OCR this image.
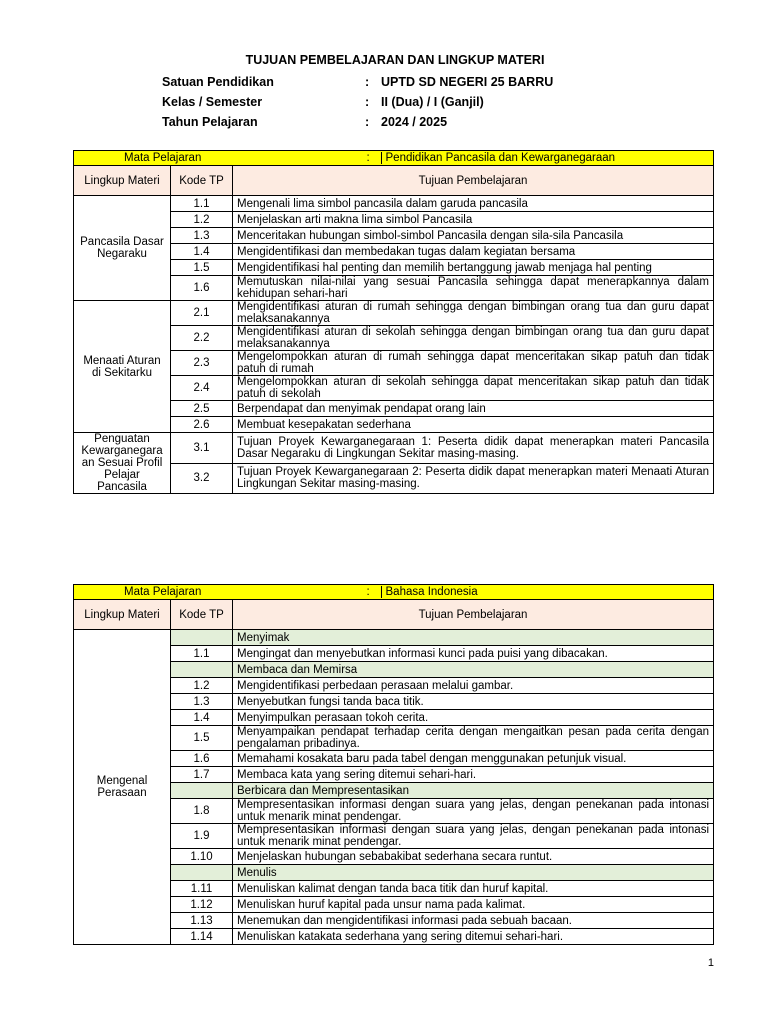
TUJUAN PEMBELAJARAN DAN LINGKUP MATERI
Satuan Pendidikan	: UPTD SD NEGERI 25 BARRU
Kelas / Semester	: II (Dua) / I (Ganjil)
Tahun Pelajaran	: 2024 / 2025
Mata Pelajaran		: Pendidikan Pancasila dan Kewarganegaraan
Lingkup Materi	Kode TP	Tujuan Pembelajaran
Pancasila Dasar Negaraku	1.1	Mengenali lima simbol pancasila dalam garuda pancasila
	1.2	Menjelaskan arti makna lima simbol Pancasila
	1.3	Menceritakan hubungan simbol-simbol Pancasila dengan sila-sila Pancasila
	1.4	Mengidentifikasi dan membedakan tugas dalam kegiatan bersama
	1.5	Mengidentifikasi hal penting dan memilih bertanggung jawab menjaga hal penting
	1.6	Memutuskan nilai-nilai yang sesuai Pancasila sehingga dapat menerapkannya dalam kehidupan sehari-hari
Menaati Aturan di Sekitarku	2.1	Mengidentifikasi aturan di rumah sehingga dengan bimbingan orang tua dan guru dapat melaksanakannya
	2.2	Mengidentifikasi aturan di sekolah sehingga dengan bimbingan orang tua dan guru dapat melaksanakannya
	2.3	Mengelompokkan aturan di rumah sehingga dapat menceritakan sikap patuh dan tidak patuh di rumah
	2.4	Mengelompokkan aturan di sekolah sehingga dapat menceritakan sikap patuh dan tidak patuh di sekolah
	2.5	Berpendapat dan menyimak pendapat orang lain
	2.6	Membuat kesepakatan sederhana
Penguatan Kewarganegara an Sesuai Profil Pelajar Pancasila	3.1	Tujuan Proyek Kewarganegaraan 1: Peserta didik dapat menerapkan materi Pancasila Dasar Negaraku di Lingkungan Sekitar masing-masing.
	3.2	Tujuan Proyek Kewarganegaraan 2: Peserta didik dapat menerapkan materi Menaati Aturan Lingkungan Sekitar masing-masing.
Mata Pelajaran		: Bahasa Indonesia
Lingkup Materi	Kode TP	Tujuan Pembelajaran
Mengenal Perasaan		Menyimak
	1.1	Mengingat dan menyebutkan informasi kunci pada puisi yang dibacakan.
		Membaca dan Memirsa
	1.2	Mengidentifikasi perbedaan perasaan melalui gambar.
	1.3	Menyebutkan fungsi tanda baca titik.
	1.4	Menyimpulkan perasaan tokoh cerita.
	1.5	Menyampaikan pendapat terhadap cerita dengan mengaitkan pesan pada cerita dengan pengalaman pribadinya.
	1.6	Memahami kosakata baru pada tabel dengan menggunakan petunjuk visual.
	1.7	Membaca kata yang sering ditemui sehari-hari.
		Berbicara dan Mempresentasikan
	1.8	Mempresentasikan informasi dengan suara yang jelas, dengan penekanan pada intonasi untuk menarik minat pendengar.
	1.9	Mempresentasikan informasi dengan suara yang jelas, dengan penekanan pada intonasi untuk menarik minat pendengar.
	1.10	Menjelaskan hubungan sebabakibat sederhana secara runtut.
		Menulis
	1.11	Menuliskan kalimat dengan tanda baca titik dan huruf kapital.
	1.12	Menuliskan huruf kapital pada unsur nama pada kalimat.
	1.13	Menemukan dan mengidentifikasi informasi pada sebuah bacaan.
	1.14	Menuliskan katakata sederhana yang sering ditemui sehari-hari.
1
